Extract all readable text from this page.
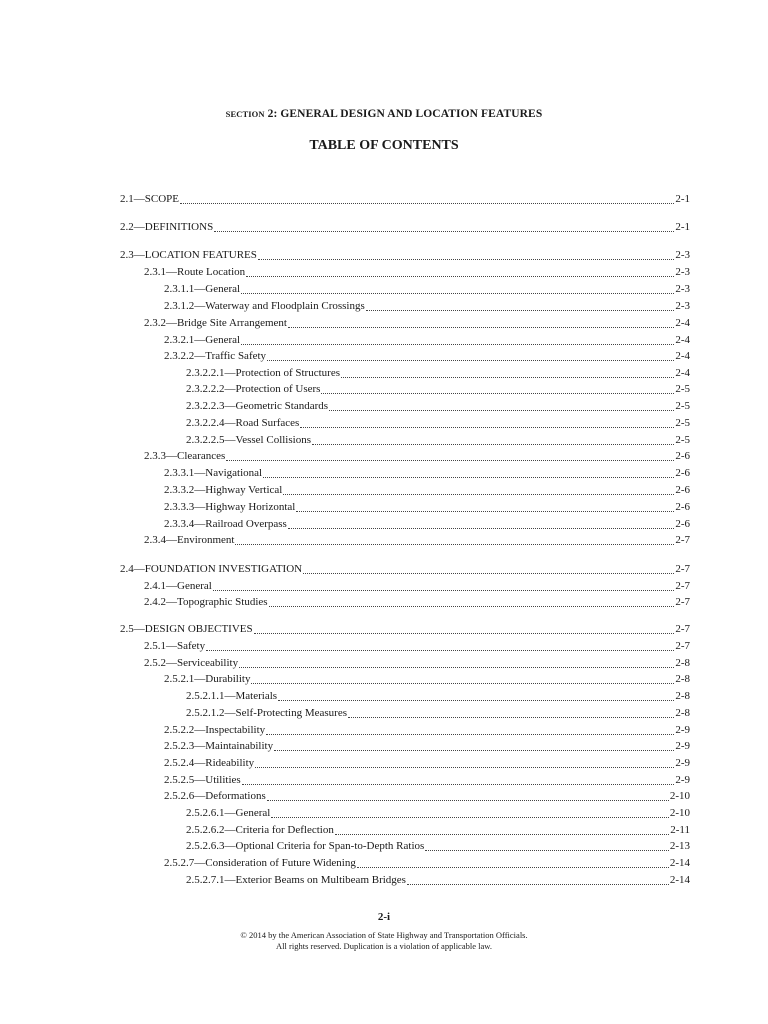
SECTION 2: GENERAL DESIGN AND LOCATION FEATURES
TABLE OF CONTENTS
2.1—SCOPE	2-1
2.2—DEFINITIONS	2-1
2.3—LOCATION FEATURES	2-3
2.3.1—Route Location	2-3
2.3.1.1—General	2-3
2.3.1.2—Waterway and Floodplain Crossings	2-3
2.3.2—Bridge Site Arrangement	2-4
2.3.2.1—General	2-4
2.3.2.2—Traffic Safety	2-4
2.3.2.2.1—Protection of Structures	2-4
2.3.2.2.2—Protection of Users	2-5
2.3.2.2.3—Geometric Standards	2-5
2.3.2.2.4—Road Surfaces	2-5
2.3.2.2.5—Vessel Collisions	2-5
2.3.3—Clearances	2-6
2.3.3.1—Navigational	2-6
2.3.3.2—Highway Vertical	2-6
2.3.3.3—Highway Horizontal	2-6
2.3.3.4—Railroad Overpass	2-6
2.3.4—Environment	2-7
2.4—FOUNDATION INVESTIGATION	2-7
2.4.1—General	2-7
2.4.2—Topographic Studies	2-7
2.5—DESIGN OBJECTIVES	2-7
2.5.1—Safety	2-7
2.5.2—Serviceability	2-8
2.5.2.1—Durability	2-8
2.5.2.1.1—Materials	2-8
2.5.2.1.2—Self-Protecting Measures	2-8
2.5.2.2—Inspectability	2-9
2.5.2.3—Maintainability	2-9
2.5.2.4—Rideability	2-9
2.5.2.5—Utilities	2-9
2.5.2.6—Deformations	2-10
2.5.2.6.1—General	2-10
2.5.2.6.2—Criteria for Deflection	2-11
2.5.2.6.3—Optional Criteria for Span-to-Depth Ratios	2-13
2.5.2.7—Consideration of Future Widening	2-14
2.5.2.7.1—Exterior Beams on Multibeam Bridges	2-14
2-i
© 2014 by the American Association of State Highway and Transportation Officials.
All rights reserved. Duplication is a violation of applicable law.
